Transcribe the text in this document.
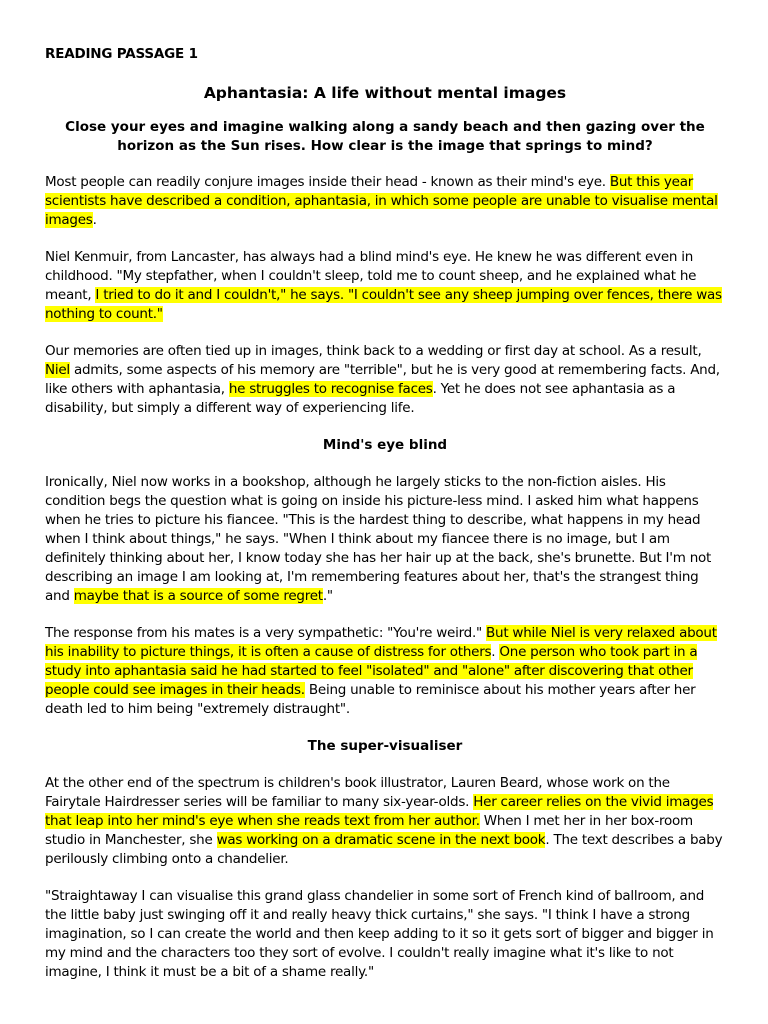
READING PASSAGE 1
Aphantasia: A life without mental images
Close your eyes and imagine walking along a sandy beach and then gazing over the horizon as the Sun rises. How clear is the image that springs to mind?

Most people can readily conjure images inside their head - known as their mind's eye. But this year scientists have described a condition, aphantasia, in which some people are unable to visualise mental images.

Niel Kenmuir, from Lancaster, has always had a blind mind's eye. He knew he was different even in childhood. "My stepfather, when I couldn't sleep, told me to count sheep, and he explained what he meant, I tried to do it and I couldn't," he says. "I couldn't see any sheep jumping over fences, there was nothing to count."

Our memories are often tied up in images, think back to a wedding or first day at school. As a result, Niel admits, some aspects of his memory are "terrible", but he is very good at remembering facts. And, like others with aphantasia, he struggles to recognise faces. Yet he does not see aphantasia as a disability, but simply a different way of experiencing life.

Mind's eye blind

Ironically, Niel now works in a bookshop, although he largely sticks to the non-fiction aisles. His condition begs the question what is going on inside his picture-less mind. I asked him what happens when he tries to picture his fiancee. "This is the hardest thing to describe, what happens in my head when I think about things," he says. "When I think about my fiancee there is no image, but I am definitely thinking about her, I know today she has her hair up at the back, she's brunette. But I'm not describing an image I am looking at, I'm remembering features about her, that's the strangest thing and maybe that is a source of some regret."

The response from his mates is a very sympathetic: "You're weird." But while Niel is very relaxed about his inability to picture things, it is often a cause of distress for others. One person who took part in a study into aphantasia said he had started to feel "isolated" and "alone" after discovering that other people could see images in their heads. Being unable to reminisce about his mother years after her death led to him being "extremely distraught".

The super-visualiser

At the other end of the spectrum is children's book illustrator, Lauren Beard, whose work on the Fairytale Hairdresser series will be familiar to many six-year-olds. Her career relies on the vivid images that leap into her mind's eye when she reads text from her author. When I met her in her box-room studio in Manchester, she was working on a dramatic scene in the next book. The text describes a baby perilously climbing onto a chandelier.

"Straightaway I can visualise this grand glass chandelier in some sort of French kind of ballroom, and the little baby just swinging off it and really heavy thick curtains," she says. "I think I have a strong imagination, so I can create the world and then keep adding to it so it gets sort of bigger and bigger in my mind and the characters too they sort of evolve. I couldn't really imagine what it's like to not imagine, I think it must be a bit of a shame really."
